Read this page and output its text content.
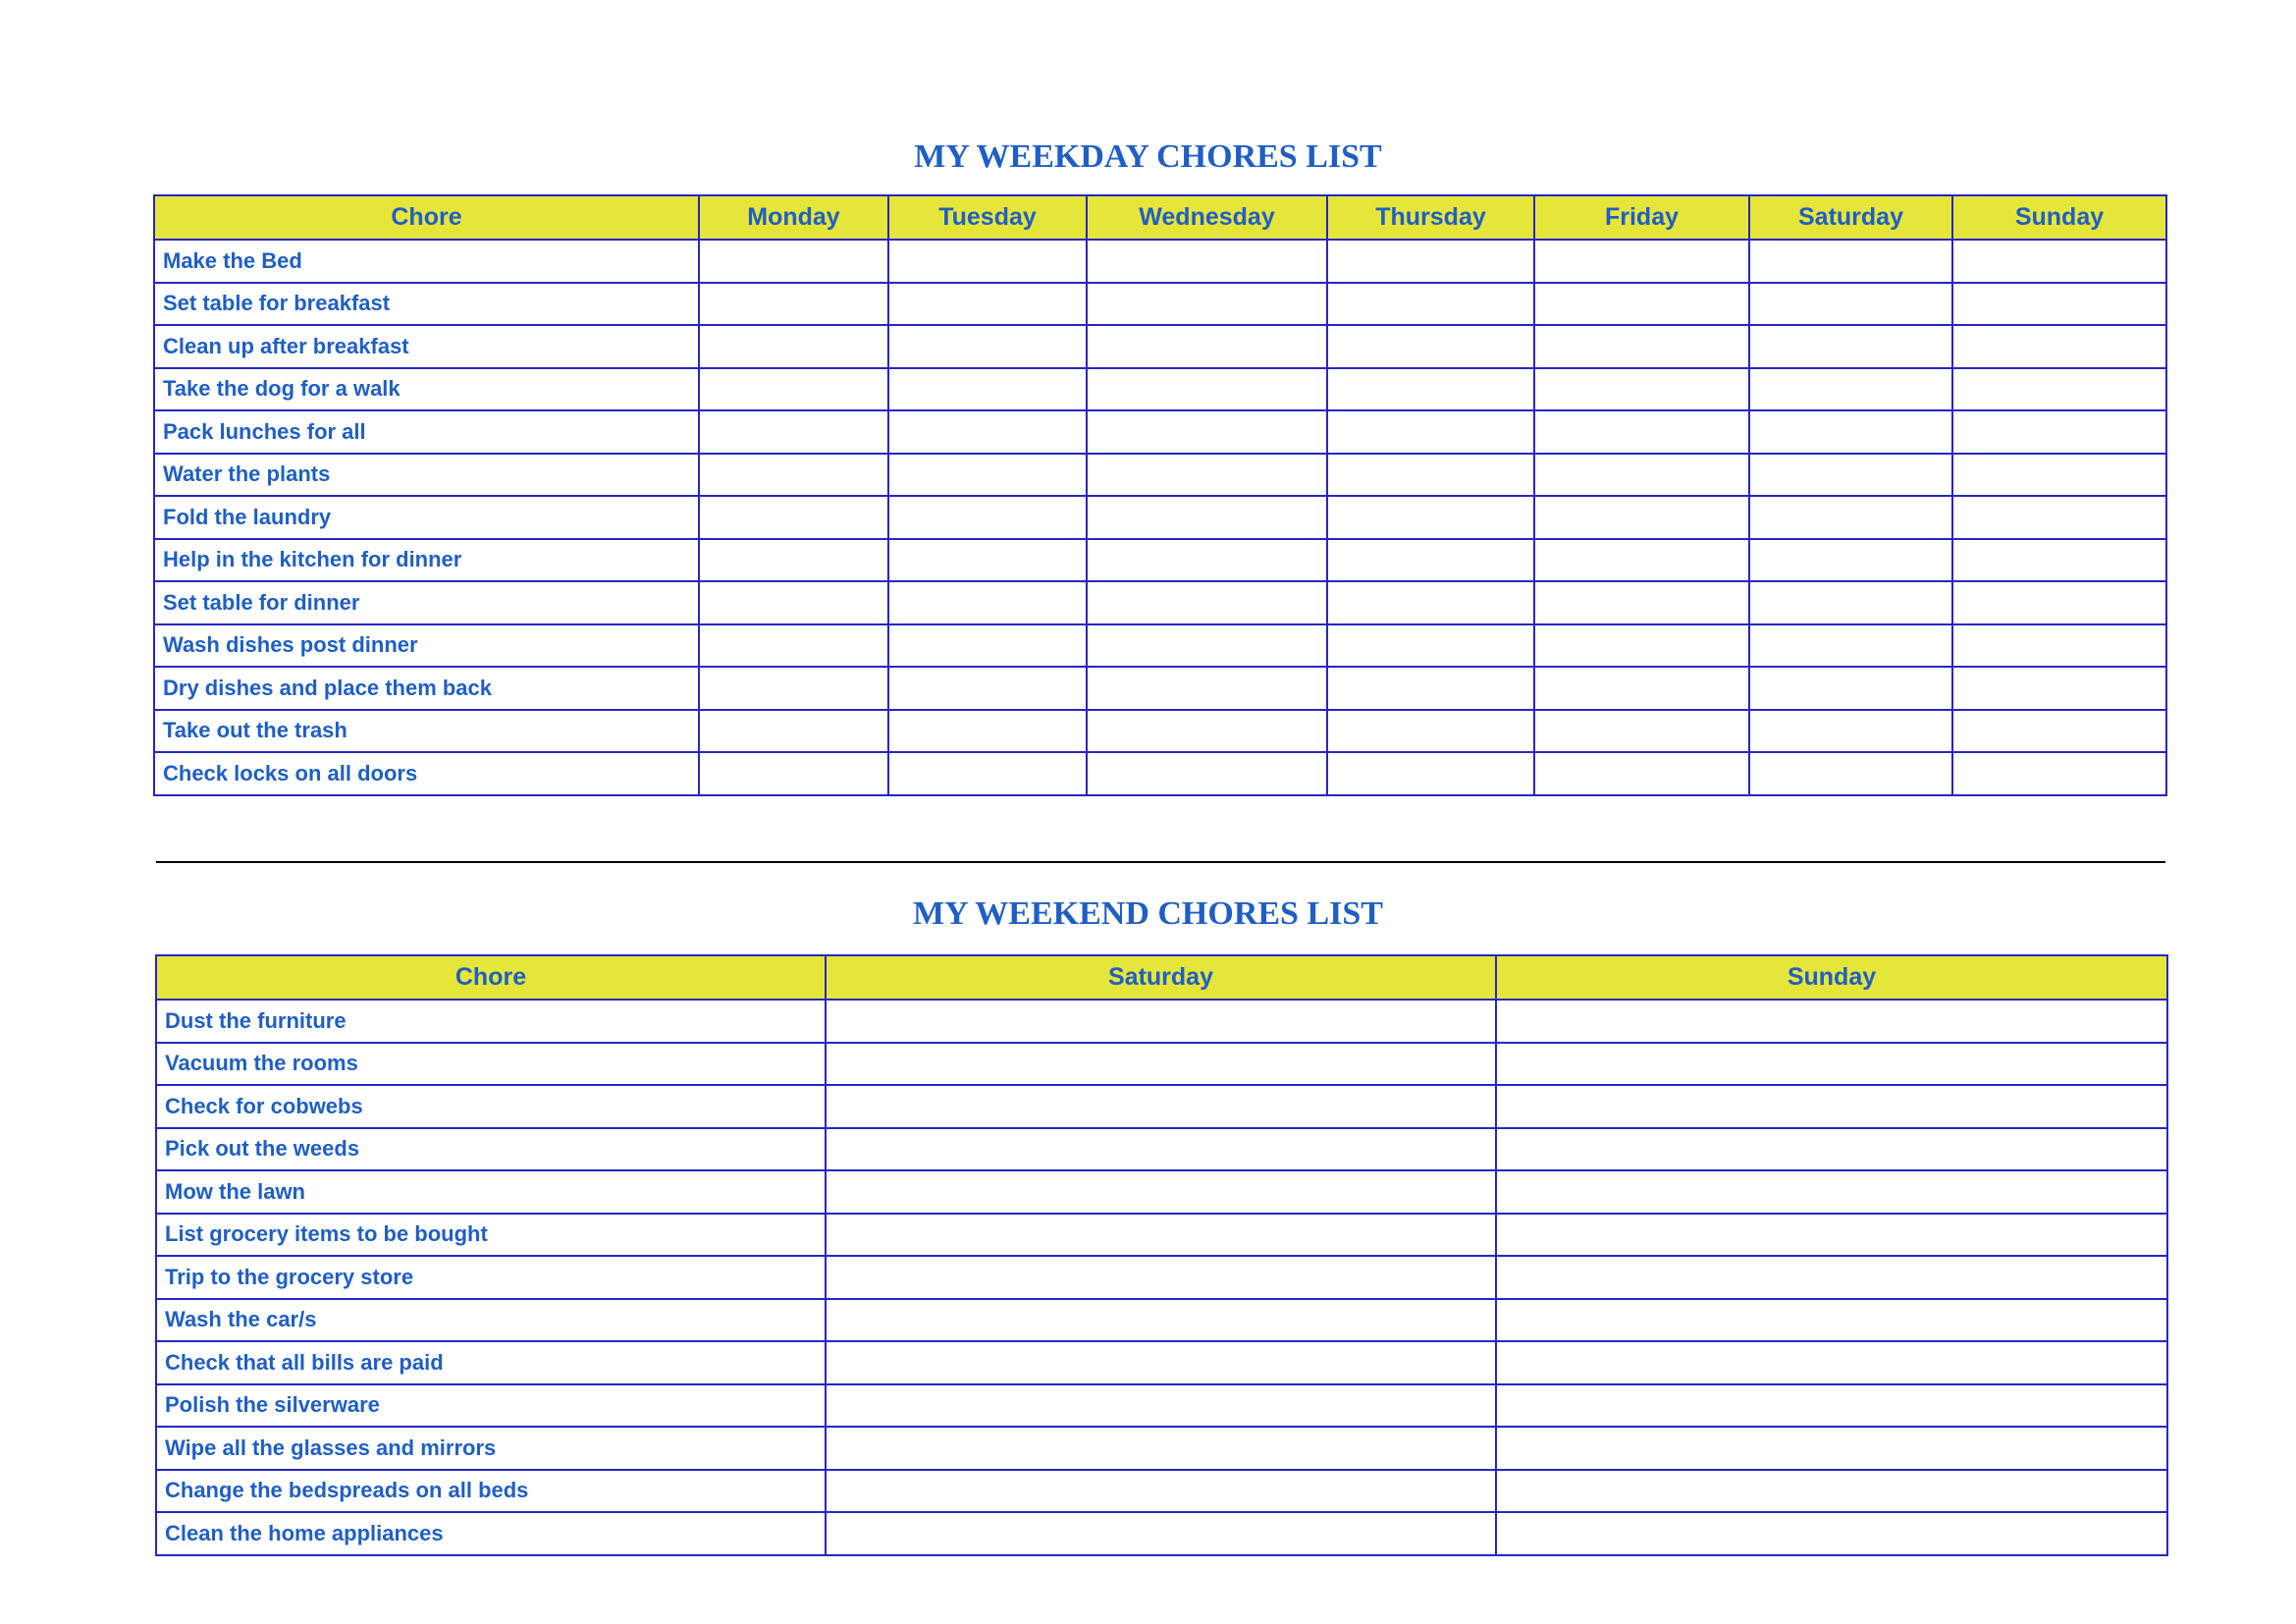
MY WEEKDAY CHORES LIST
Chore	Monday	Tuesday	Wednesday	Thursday	Friday	Saturday	Sunday
Make the Bed							
Set table for breakfast							
Clean up after breakfast							
Take the dog for a walk							
Pack lunches for all							
Water the plants							
Fold the laundry							
Help in the kitchen for dinner							
Set table for dinner							
Wash dishes post dinner							
Dry dishes and place them back							
Take out the trash							
Check locks on all doors							
MY WEEKEND CHORES LIST
Chore	Saturday	Sunday
Dust the furniture		
Vacuum the rooms		
Check for cobwebs		
Pick out the weeds		
Mow the lawn		
List grocery items to be bought		
Trip to the grocery store		
Wash the car/s		
Check that all bills are paid		
Polish the silverware		
Wipe all the glasses and mirrors		
Change the bedspreads on all beds		
Clean the home appliances		
